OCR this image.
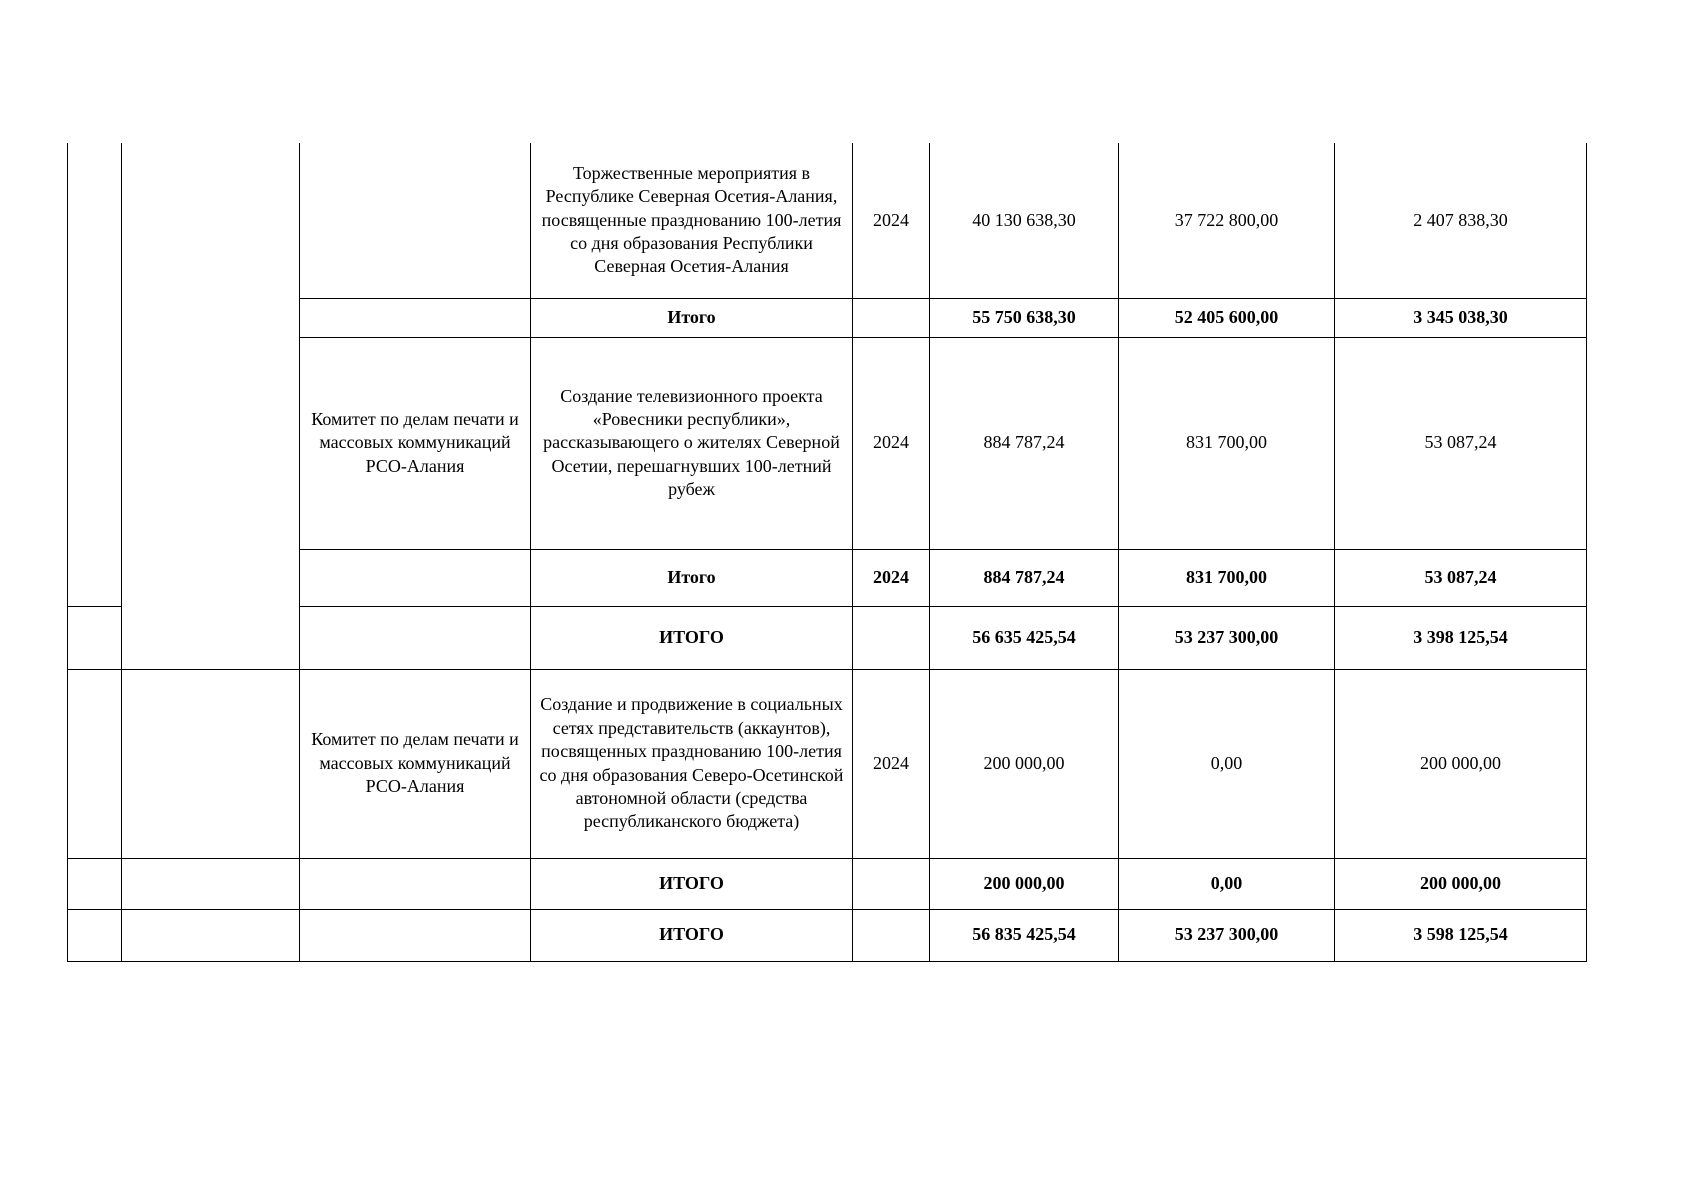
			Торжественные мероприятия в Республике Северная Осетия-Алания, посвященные празднованию 100-летия со дня образования Республики Северная Осетия-Алания	2024	40 130 638,30	37 722 800,00	2 407 838,30
			Итого		55 750 638,30	52 405 600,00	3 345 038,30
		Комитет по делам печати и массовых коммуникаций РСО-Алания	Создание телевизионного проекта «Ровесники республики», рассказывающего о жителях Северной Осетии, перешагнувших 100-летний рубеж	2024	884 787,24	831 700,00	53 087,24
			Итого	2024	884 787,24	831 700,00	53 087,24
			ИТОГО		56 635 425,54	53 237 300,00	3 398 125,54
		Комитет по делам печати и массовых коммуникаций РСО-Алания	Создание и продвижение в социальных сетях представительств (аккаунтов), посвященных празднованию 100-летия со дня образования Северо-Осетинской автономной области (средства республиканского бюджета)	2024	200 000,00	0,00	200 000,00
			ИТОГО		200 000,00	0,00	200 000,00
			ИТОГО		56 835 425,54	53 237 300,00	3 598 125,54
